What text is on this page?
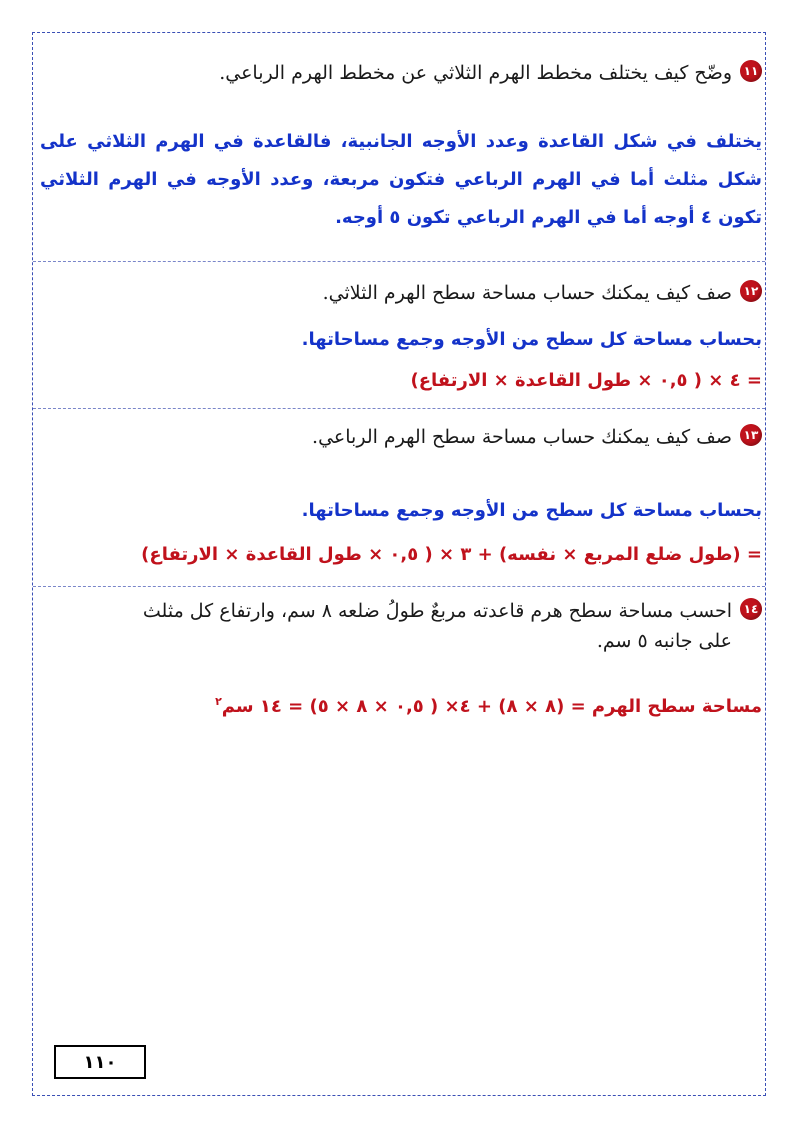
١١
وضّح كيف يختلف مخطط الهرم الثلاثي عن مخطط الهرم الرباعي.
يختلف في شكل القاعدة وعدد الأوجه الجانبية، فالقاعدة في الهرم الثلاثي على شكل مثلث أما في الهرم الرباعي فتكون مربعة، وعدد الأوجه في الهرم الثلاثي تكون ٤ أوجه أما في الهرم الرباعي تكون ٥ أوجه.
١٢
صف كيف يمكنك حساب مساحة سطح الهرم الثلاثي.
بحساب مساحة كل سطح من الأوجه وجمع مساحاتها.
= ٤ × ( ٠,٥ × طول القاعدة × الارتفاع)
١٣
صف كيف يمكنك حساب مساحة سطح الهرم الرباعي.
بحساب مساحة كل سطح من الأوجه وجمع مساحاتها.
= (طول ضلع المربع × نفسه) + ٣ × ( ٠,٥ × طول القاعدة × الارتفاع)
١٤
احسب مساحة سطح هرم قاعدته مربعٌ طولُ ضلعه ٨ سم، وارتفاع كل مثلث على جانبه ٥ سم.
مساحة سطح الهرم = (٨ × ٨) + ٤× ( ٠,٥ × ٨ × ٥) = ١٤ سم$^٢$
١١٠
